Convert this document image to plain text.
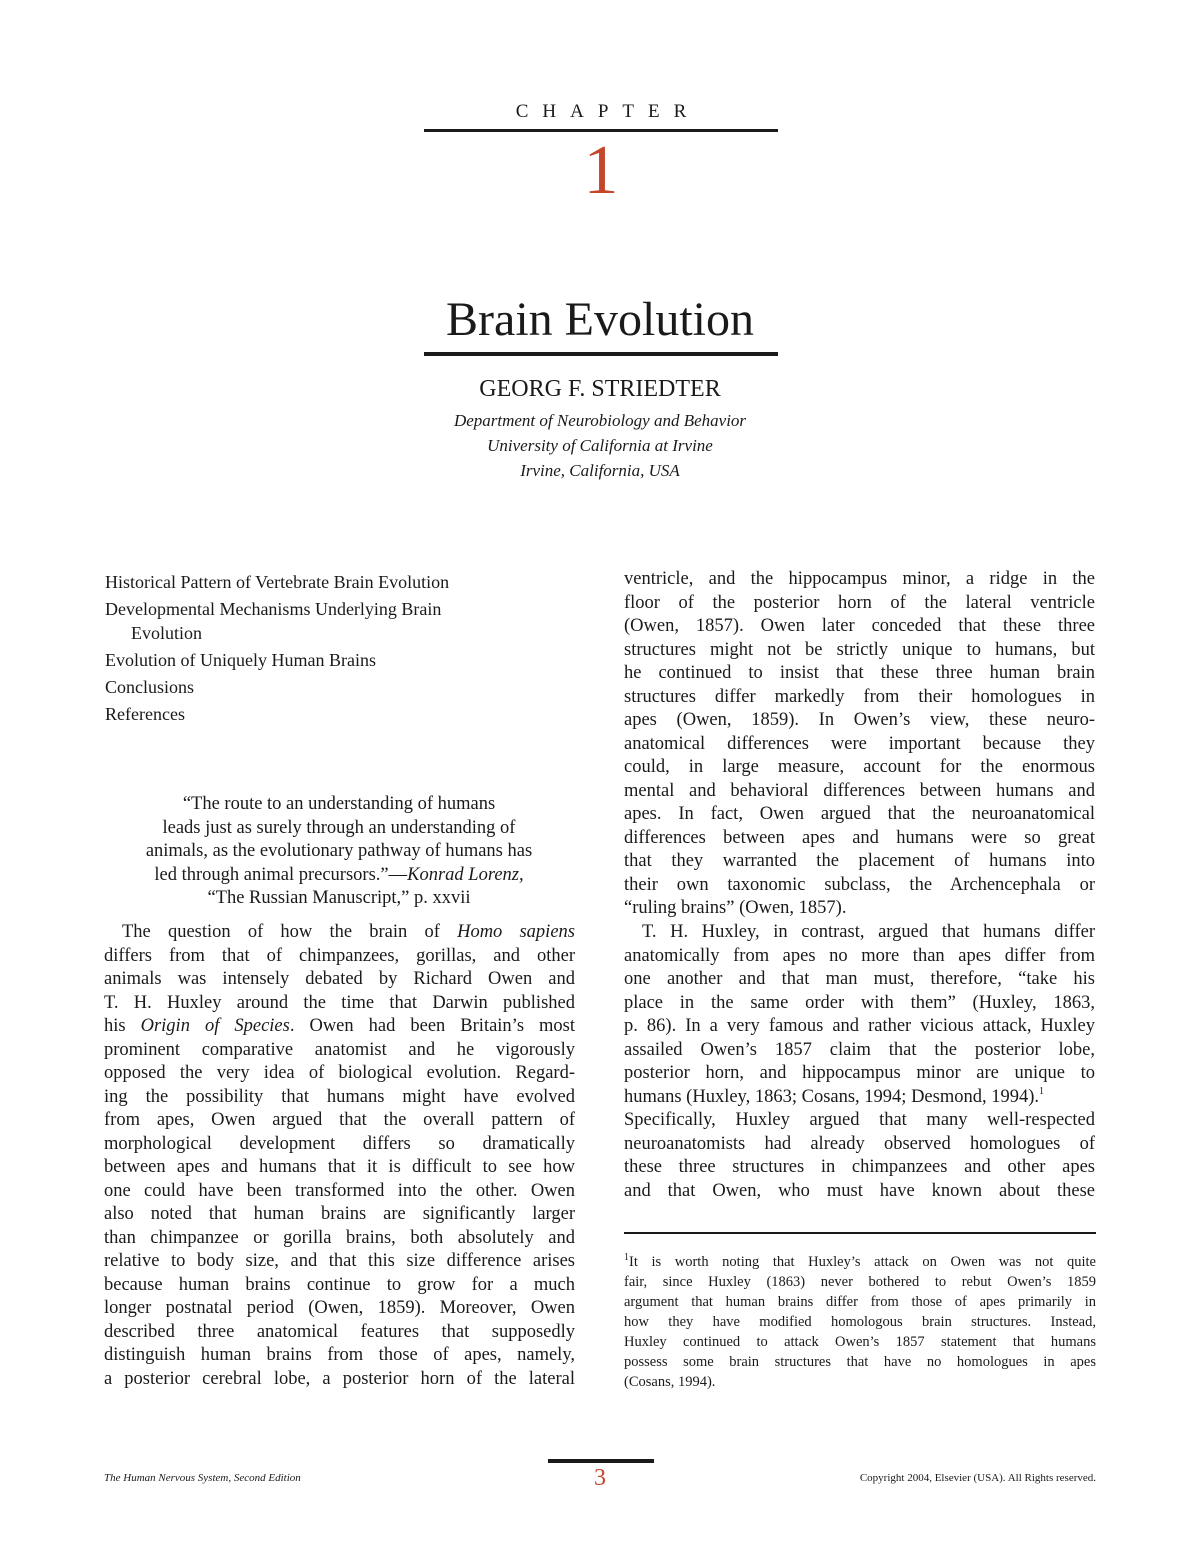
CHAPTER
1
Brain Evolution
GEORG F. STRIEDTER
Department of Neurobiology and Behavior
University of California at Irvine
Irvine, California, USA
Historical Pattern of Vertebrate Brain Evolution
Developmental Mechanisms Underlying Brain
Evolution
Evolution of Uniquely Human Brains
Conclusions
References
“The route to an understanding of humans
leads just as surely through an understanding of
animals, as the evolutionary pathway of humans has
led through animal precursors.”—Konrad Lorenz,
“The Russian Manuscript,” p. xxvii
The question of how the brain of Homo sapiens
differs from that of chimpanzees, gorillas, and other
animals was intensely debated by Richard Owen and
T. H. Huxley around the time that Darwin published
his Origin of Species. Owen had been Britain’s most
prominent comparative anatomist and he vigorously
opposed the very idea of biological evolution. Regard-
ing the possibility that humans might have evolved
from apes, Owen argued that the overall pattern of
morphological development differs so dramatically
between apes and humans that it is difficult to see how
one could have been transformed into the other. Owen
also noted that human brains are significantly larger
than chimpanzee or gorilla brains, both absolutely and
relative to body size, and that this size difference arises
because human brains continue to grow for a much
longer postnatal period (Owen, 1859). Moreover, Owen
described three anatomical features that supposedly
distinguish human brains from those of apes, namely,
a posterior cerebral lobe, a posterior horn of the lateral
ventricle, and the hippocampus minor, a ridge in the
floor of the posterior horn of the lateral ventricle
(Owen, 1857). Owen later conceded that these three
structures might not be strictly unique to humans, but
he continued to insist that these three human brain
structures differ markedly from their homologues in
apes (Owen, 1859). In Owen’s view, these neuro-
anatomical differences were important because they
could, in large measure, account for the enormous
mental and behavioral differences between humans and
apes. In fact, Owen argued that the neuroanatomical
differences between apes and humans were so great
that they warranted the placement of humans into
their own taxonomic subclass, the Archencephala or
“ruling brains” (Owen, 1857).
T. H. Huxley, in contrast, argued that humans differ
anatomically from apes no more than apes differ from
one another and that man must, therefore, “take his
place in the same order with them” (Huxley, 1863,
p. 86). In a very famous and rather vicious attack, Huxley
assailed Owen’s 1857 claim that the posterior lobe,
posterior horn, and hippocampus minor are unique to
humans (Huxley, 1863; Cosans, 1994; Desmond, 1994).$^1$
Specifically, Huxley argued that many well-respected
neuroanatomists had already observed homologues of
these three structures in chimpanzees and other apes
and that Owen, who must have known about these
$^1$It is worth noting that Huxley’s attack on Owen was not quite
fair, since Huxley (1863) never bothered to rebut Owen’s 1859
argument that human brains differ from those of apes primarily in
how they have modified homologous brain structures. Instead,
Huxley continued to attack Owen’s 1857 statement that humans
possess some brain structures that have no homologues in apes
(Cosans, 1994).
The Human Nervous System, Second Edition	3	Copyright 2004, Elsevier (USA). All Rights reserved.
